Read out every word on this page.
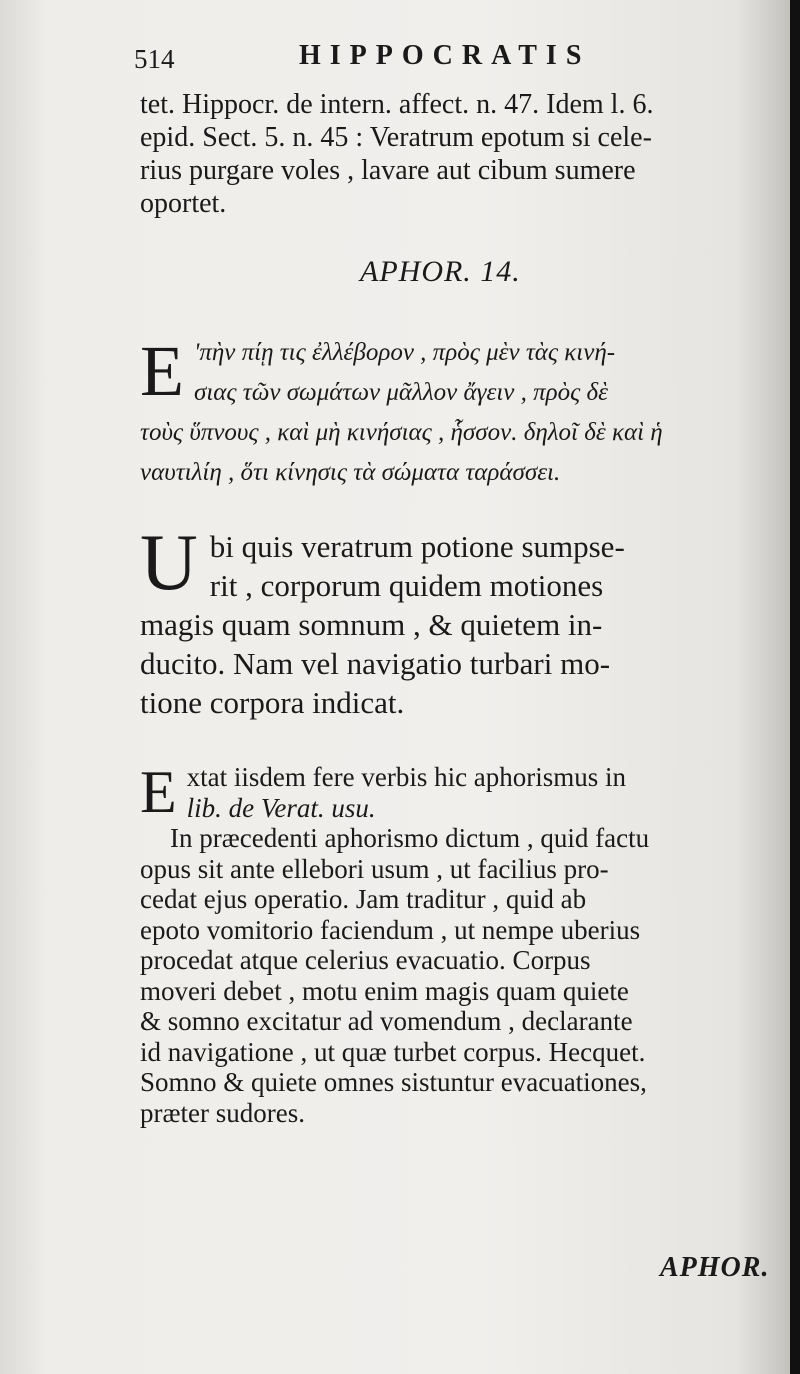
514	HIPPOCRATIS

tet. Hippocr. de intern. affect. n. 47. Idem l. 6.

epid. Sect. 5. n. 45 : Veratrum epotum si cele-

rius purgare voles , lavare aut cibum sumere

oportet.

APHOR. 14.
E 'πὴν πίῃ τις ἐλλέβορον , πρὸς μὲν τὰς κινή-

σιας τῶν σωμάτων μᾶλλον ἄγειν , πρὸς δὲ

τοὺς ὕπνους , καὶ μὴ κινήσιας , ἧσσον. δηλοῖ δὲ καὶ ἡ

ναυτιλίη , ὅτι κίνησις τὰ σώματα ταράσσει.

U bi quis veratrum potione sumpse-

rit , corporum quidem motiones

magis quam somnum , & quietem in-

ducito. Nam vel navigatio turbari mo-

tione corpora indicat.

E xtat iisdem fere verbis hic aphorismus in

lib. de Verat. usu.

In præcedenti aphorismo dictum , quid factu

opus sit ante ellebori usum , ut facilius pro-

cedat ejus operatio. Jam traditur , quid ab

epoto vomitorio faciendum , ut nempe uberius

procedat atque celerius evacuatio. Corpus

moveri debet , motu enim magis quam quiete

& somno excitatur ad vomendum , declarante

id navigatione , ut quæ turbet corpus. Hecquet.

Somno & quiete omnes sistuntur evacuationes,

præter sudores.

APHOR.
